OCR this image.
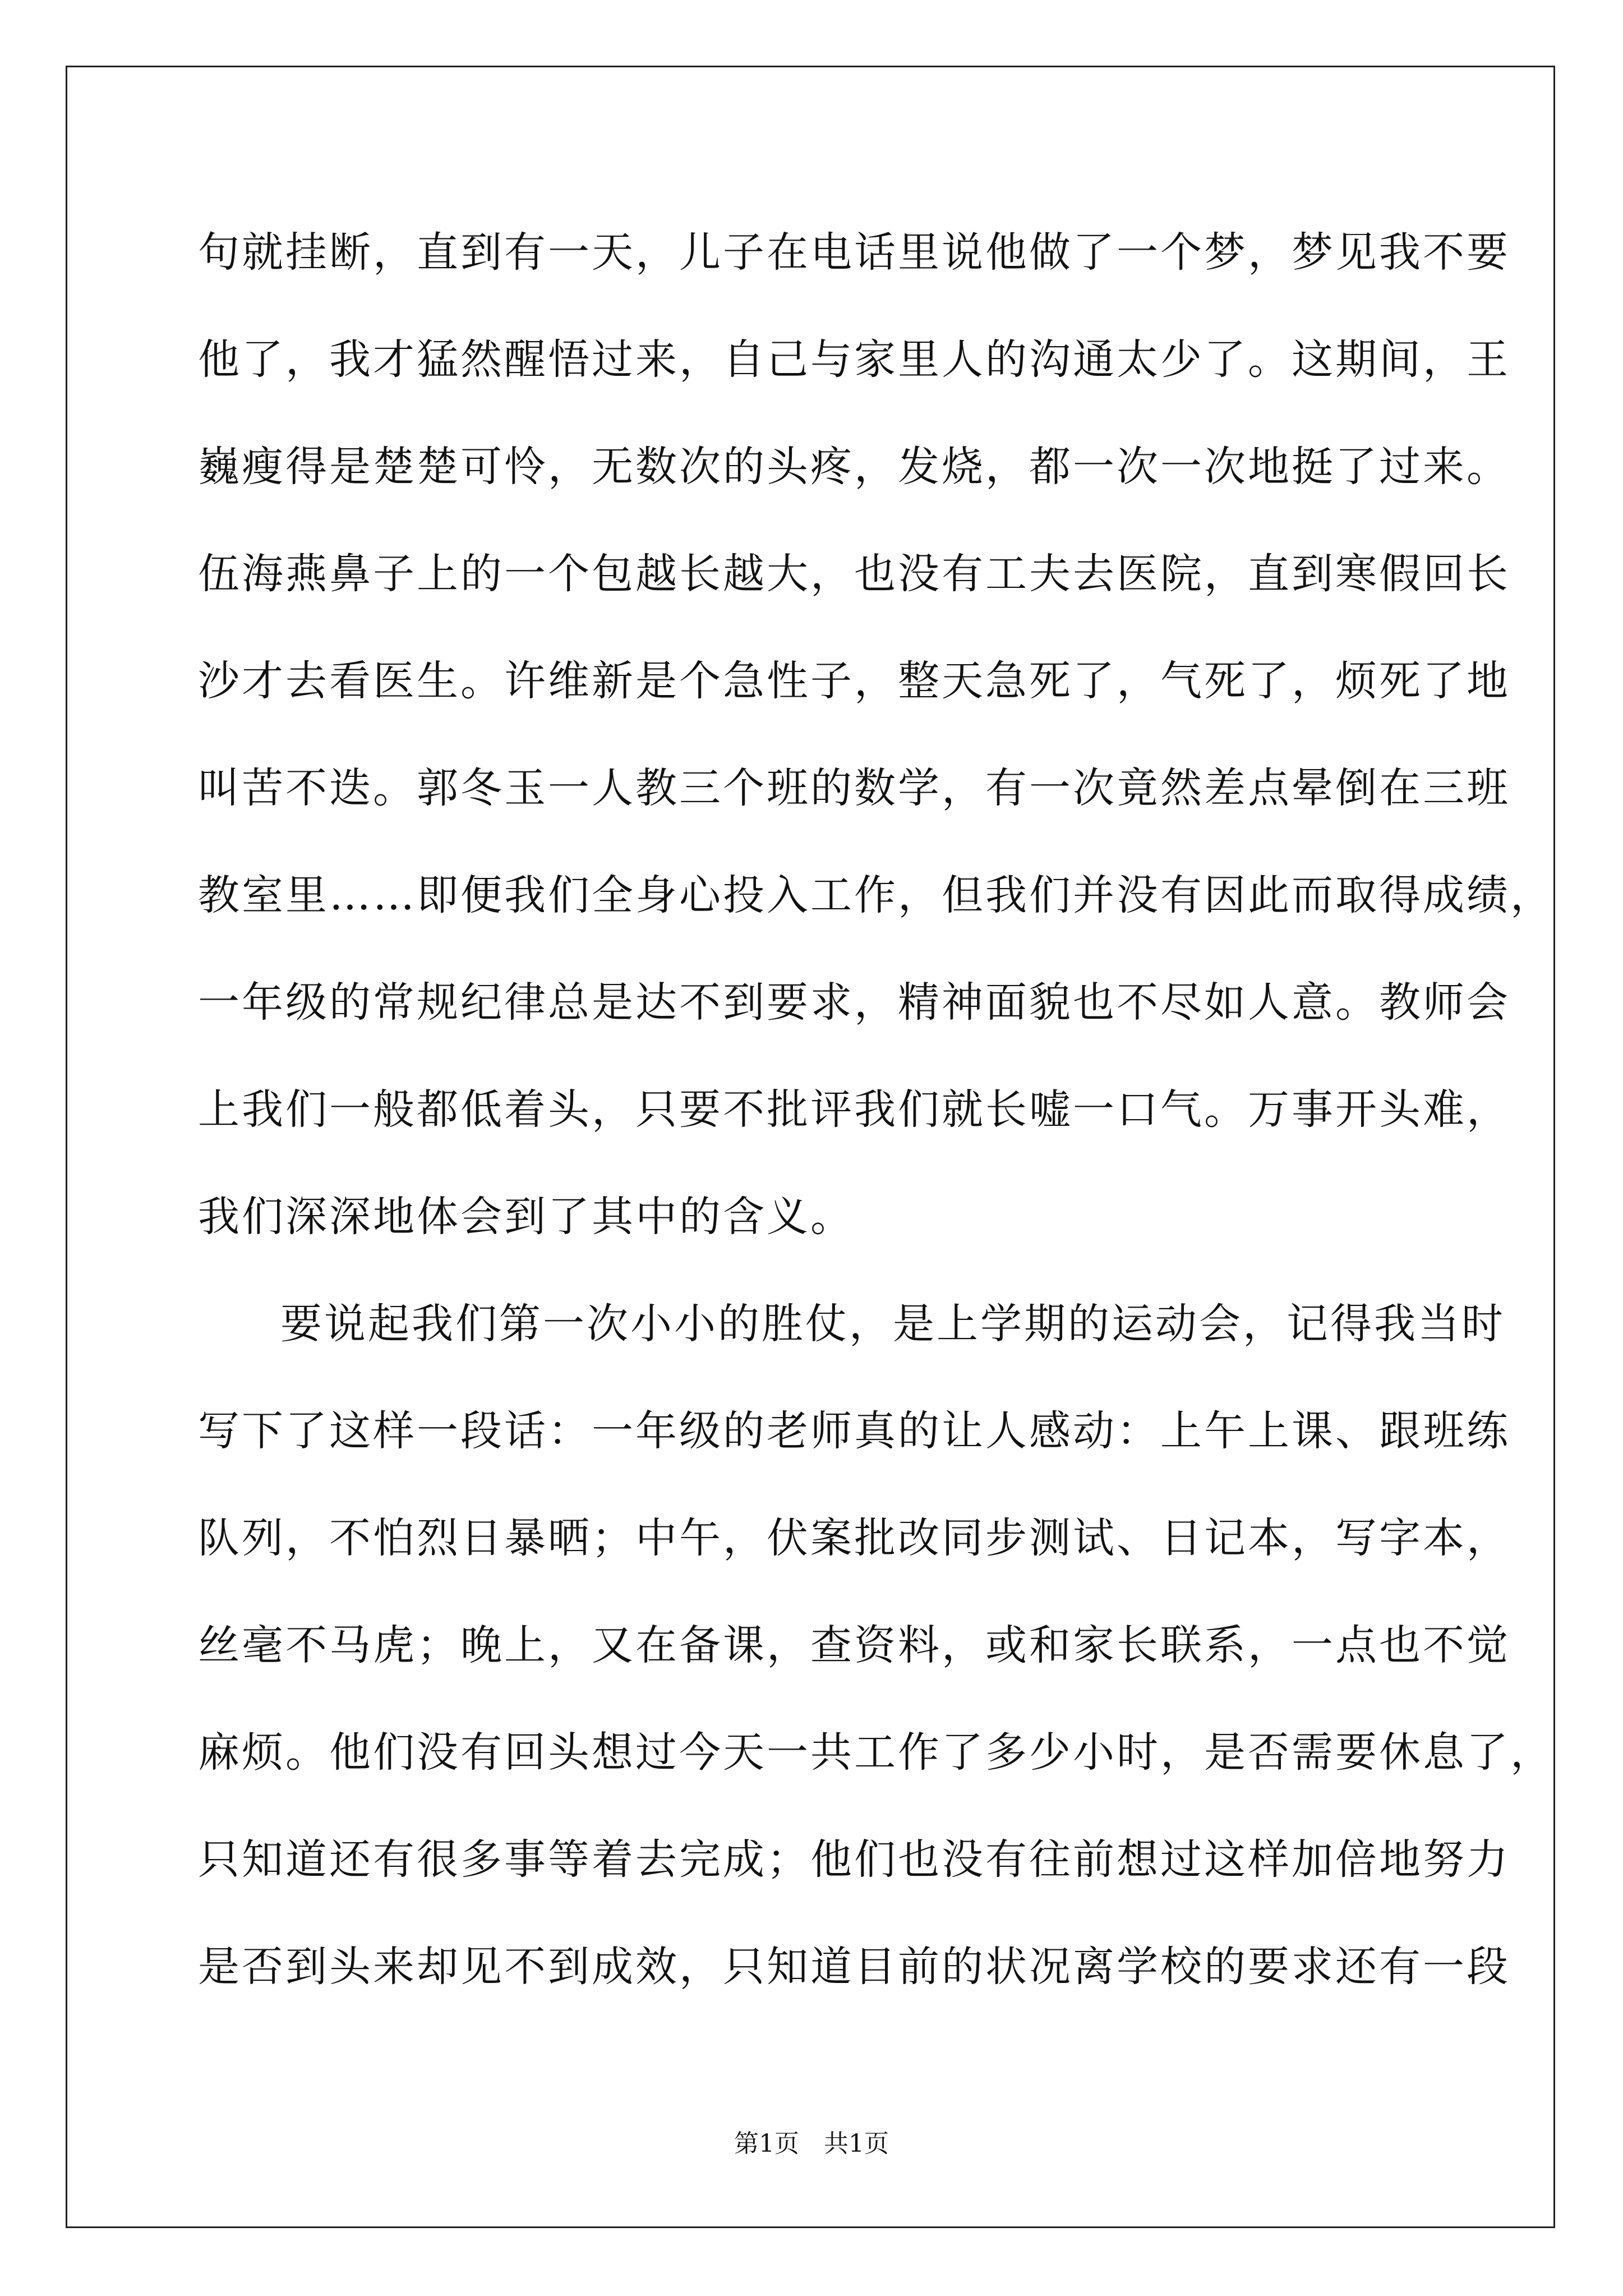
句就挂断，直到有一天，儿子在电话里说他做了一个梦，梦见我不要
他了，我才猛然醒悟过来，自己与家里人的沟通太少了。这期间，王
巍瘦得是楚楚可怜，无数次的头疼，发烧，都一次一次地挺了过来。
伍海燕鼻子上的一个包越长越大，也没有工夫去医院，直到寒假回长
沙才去看医生。许维新是个急性子，整天急死了，气死了，烦死了地
叫苦不迭。郭冬玉一人教三个班的数学，有一次竟然差点晕倒在三班
教室里……即便我们全身心投入工作，但我们并没有因此而取得成绩，
一年级的常规纪律总是达不到要求，精神面貌也不尽如人意。教师会
上我们一般都低着头，只要不批评我们就长嘘一口气。万事开头难，
我们深深地体会到了其中的含义。
要说起我们第一次小小的胜仗，是上学期的运动会，记得我当时
写下了这样一段话：一年级的老师真的让人感动：上午上课、跟班练
队列，不怕烈日暴晒；中午，伏案批改同步测试、日记本，写字本，
丝毫不马虎；晚上，又在备课，查资料，或和家长联系，一点也不觉
麻烦。他们没有回头想过今天一共工作了多少小时，是否需要休息了，
只知道还有很多事等着去完成；他们也没有往前想过这样加倍地努力
是否到头来却见不到成效，只知道目前的状况离学校的要求还有一段
第1页　共1页
